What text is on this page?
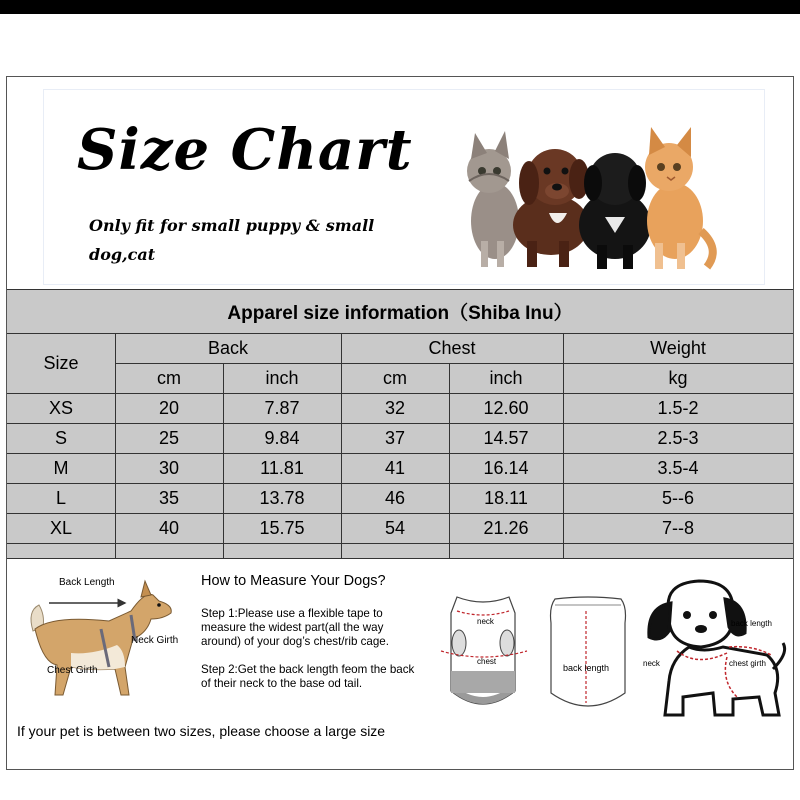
Size Chart

Only fit for small puppy & small dog,cat

Apparel size information（Shiba Inu）
Size
Back	Chest	Weight
cm	inch	cm	inch	kg
XS	20	7.87	32	12.60	1.5-2
S	25	9.84	37	14.57	2.5-3
M	30	11.81	41	16.14	3.5-4
L	35	13.78	46	18.11	5--6
XL	40	15.75	54	21.26	7--8
Back Length
Neck Girth
Chest Girth

How to Measure Your Dogs?

Step 1:Please use a flexible tape to measure the widest part(all the way around) of your dog’s chest/rib cage.

Step 2:Get the back length feom the back of their neck to the base od tail.

neck
chest
back length
back length
neck	chest girth

If your pet is between two sizes, please choose a large size
